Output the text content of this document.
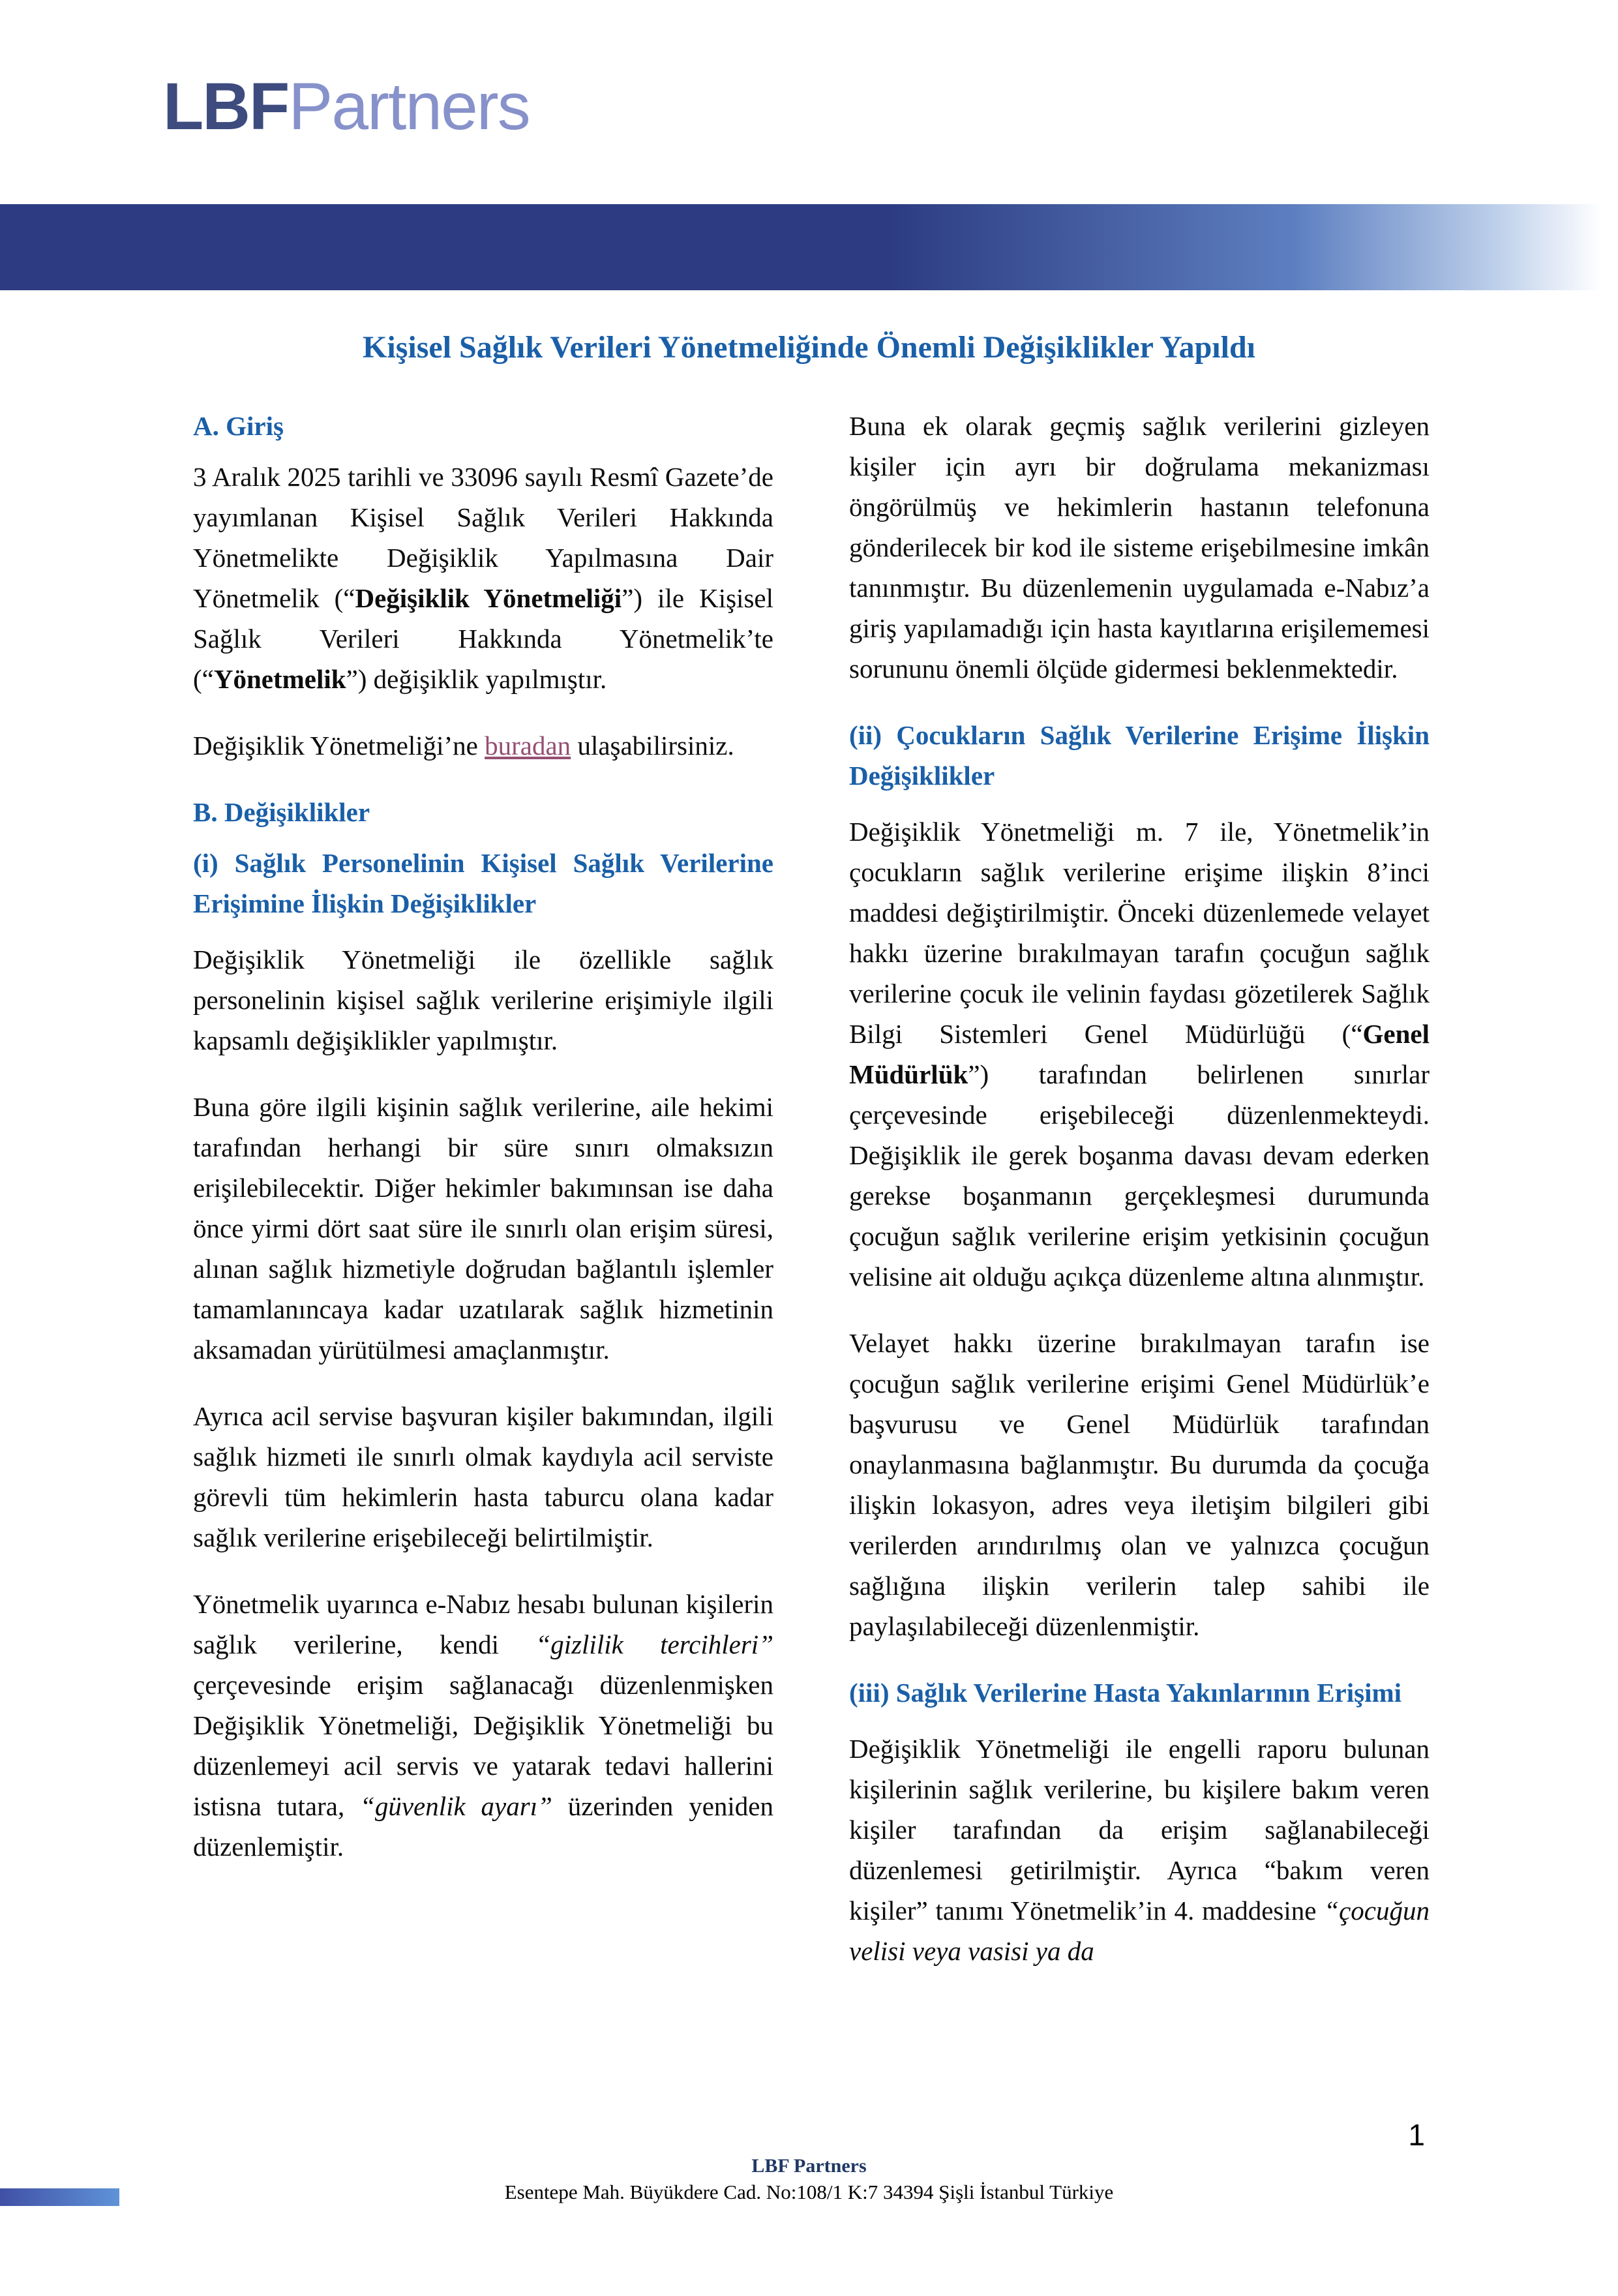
LBFPartners
Kişisel Sağlık Verileri Yönetmeliğinde Önemli Değişiklikler Yapıldı
A. Giriş

3 Aralık 2025 tarihli ve 33096 sayılı Resmî Gazete’de yayımlanan Kişisel Sağlık Verileri Hakkında Yönetmelikte Değişiklik Yapılmasına Dair Yönetmelik (“Değişiklik Yönetmeliği”) ile Kişisel Sağlık Verileri Hakkında Yönetmelik’te (“Yönetmelik”) değişiklik yapılmıştır.

Değişiklik Yönetmeliği’ne buradan ulaşabilirsiniz.

B. Değişiklikler
(i) Sağlık Personelinin Kişisel Sağlık Verilerine Erişimine İlişkin Değişiklikler

Değişiklik Yönetmeliği ile özellikle sağlık personelinin kişisel sağlık verilerine erişimiyle ilgili kapsamlı değişiklikler yapılmıştır.

Buna göre ilgili kişinin sağlık verilerine, aile hekimi tarafından herhangi bir süre sınırı olmaksızın erişilebilecektir. Diğer hekimler bakımınsan ise daha önce yirmi dört saat süre ile sınırlı olan erişim süresi, alınan sağlık hizmetiyle doğrudan bağlantılı işlemler tamamlanıncaya kadar uzatılarak sağlık hizmetinin aksamadan yürütülmesi amaçlanmıştır.

Ayrıca acil servise başvuran kişiler bakımından, ilgili sağlık hizmeti ile sınırlı olmak kaydıyla acil serviste görevli tüm hekimlerin hasta taburcu olana kadar sağlık verilerine erişebileceği belirtilmiştir.

Yönetmelik uyarınca e-Nabız hesabı bulunan kişilerin sağlık verilerine, kendi “gizlilik tercihleri” çerçevesinde erişim sağlanacağı düzenlenmişken Değişiklik Yönetmeliği, Değişiklik Yönetmeliği bu düzenlemeyi acil servis ve yatarak tedavi hallerini istisna tutara, “güvenlik ayarı” üzerinden yeniden düzenlemiştir.

Buna ek olarak geçmiş sağlık verilerini gizleyen kişiler için ayrı bir doğrulama mekanizması öngörülmüş ve hekimlerin hastanın telefonuna gönderilecek bir kod ile sisteme erişebilmesine imkân tanınmıştır. Bu düzenlemenin uygulamada e-Nabız’a giriş yapılamadığı için hasta kayıtlarına erişilememesi sorununu önemli ölçüde gidermesi beklenmektedir.

(ii) Çocukların Sağlık Verilerine Erişime İlişkin Değişiklikler

Değişiklik Yönetmeliği m. 7 ile, Yönetmelik’in çocukların sağlık verilerine erişime ilişkin 8’inci maddesi değiştirilmiştir. Önceki düzenlemede velayet hakkı üzerine bırakılmayan tarafın çocuğun sağlık verilerine çocuk ile velinin faydası gözetilerek Sağlık Bilgi Sistemleri Genel Müdürlüğü (“Genel Müdürlük”) tarafından belirlenen sınırlar çerçevesinde erişebileceği düzenlenmekteydi. Değişiklik ile gerek boşanma davası devam ederken gerekse boşanmanın gerçekleşmesi durumunda çocuğun sağlık verilerine erişim yetkisinin çocuğun velisine ait olduğu açıkça düzenleme altına alınmıştır.

Velayet hakkı üzerine bırakılmayan tarafın ise çocuğun sağlık verilerine erişimi Genel Müdürlük’e başvurusu ve Genel Müdürlük tarafından onaylanmasına bağlanmıştır. Bu durumda da çocuğa ilişkin lokasyon, adres veya iletişim bilgileri gibi verilerden arındırılmış olan ve yalnızca çocuğun sağlığına ilişkin verilerin talep sahibi ile paylaşılabileceği düzenlenmiştir.

(iii) Sağlık Verilerine Hasta Yakınlarının Erişimi

Değişiklik Yönetmeliği ile engelli raporu bulunan kişilerinin sağlık verilerine, bu kişilere bakım veren kişiler tarafından da erişim sağlanabileceği düzenlemesi getirilmiştir. Ayrıca “bakım veren kişiler” tanımı Yönetmelik’in 4. maddesine “çocuğun velisi veya vasisi ya da

1
LBF Partners
Esentepe Mah. Büyükdere Cad. No:108/1 K:7 34394 Şişli İstanbul Türkiye
